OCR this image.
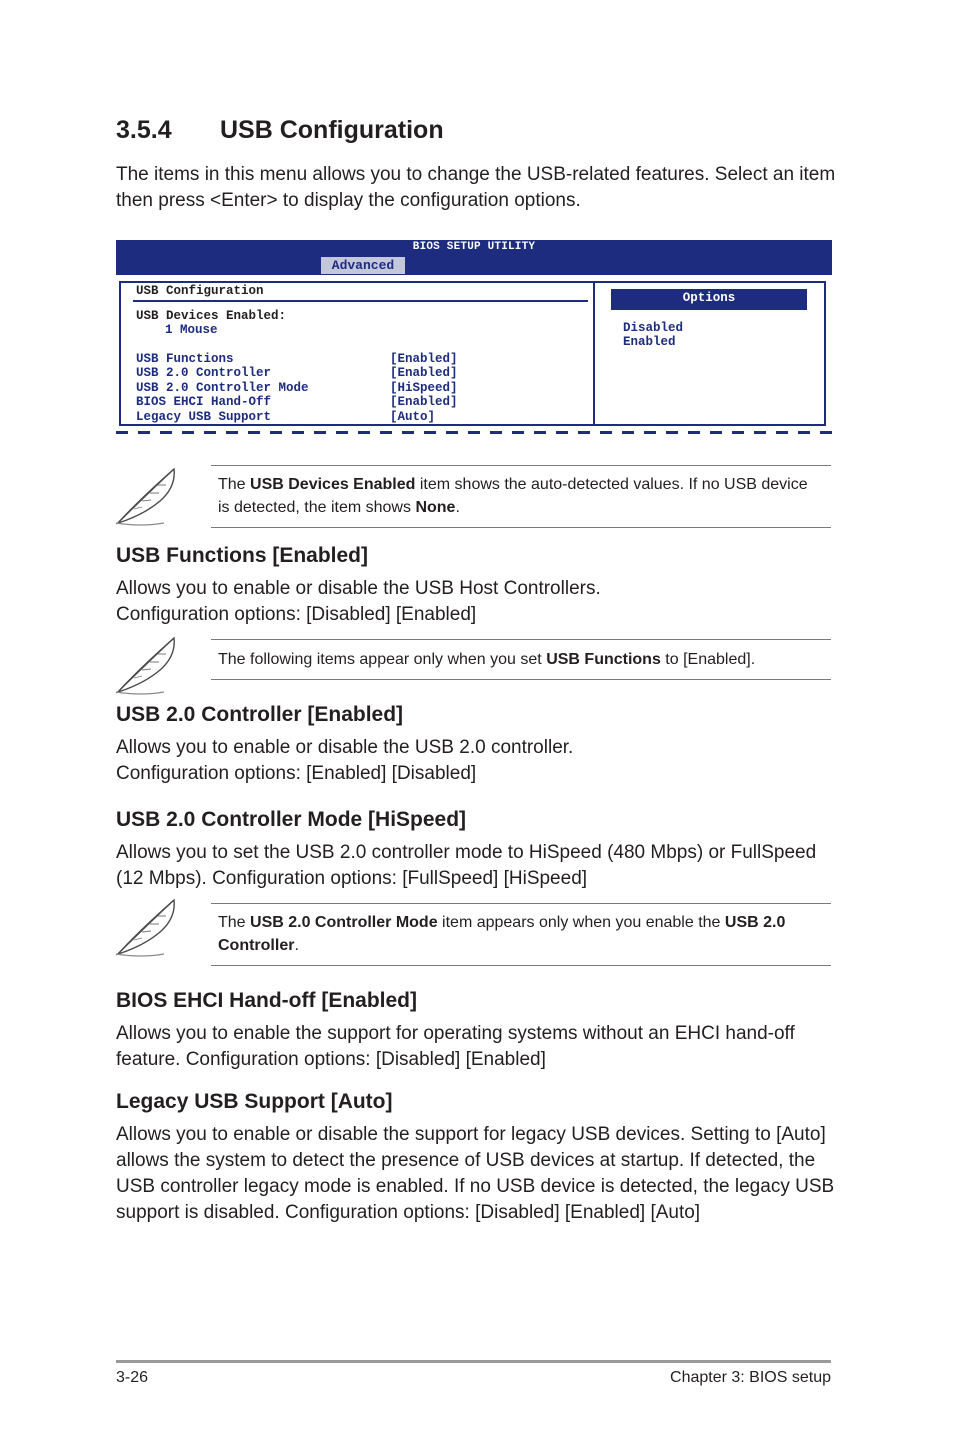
3.5.4 USB Configuration

The items in this menu allows you to change the USB-related features. Select an item then press <Enter> to display the configuration options.

BIOS SETUP UTILITY
Advanced
USB Configuration
USB Devices Enabled:
1 Mouse
USB Functions	[Enabled]
USB 2.0 Controller	[Enabled]
USB 2.0 Controller Mode	[HiSpeed]
BIOS EHCI Hand-Off	[Enabled]
Legacy USB Support	[Auto]
Options
Disabled
Enabled

The USB Devices Enabled item shows the auto-detected values. If no USB device is detected, the item shows None.

USB Functions [Enabled]

Allows you to enable or disable the USB Host Controllers.

Configuration options: [Disabled] [Enabled]

The following items appear only when you set USB Functions to [Enabled].

USB 2.0 Controller [Enabled]

Allows you to enable or disable the USB 2.0 controller.

Configuration options: [Enabled] [Disabled]

USB 2.0 Controller Mode [HiSpeed]

Allows you to set the USB 2.0 controller mode to HiSpeed (480 Mbps) or FullSpeed (12 Mbps). Configuration options: [FullSpeed] [HiSpeed]

The USB 2.0 Controller Mode item appears only when you enable the USB 2.0 Controller.

BIOS EHCI Hand-off [Enabled]

Allows you to enable the support for operating systems without an EHCI hand-off feature. Configuration options: [Disabled] [Enabled]

Legacy USB Support [Auto]

Allows you to enable or disable the support for legacy USB devices. Setting to [Auto] allows the system to detect the presence of USB devices at startup. If detected, the USB controller legacy mode is enabled. If no USB device is detected, the legacy USB support is disabled. Configuration options: [Disabled] [Enabled] [Auto]

3-26	Chapter 3: BIOS setup
